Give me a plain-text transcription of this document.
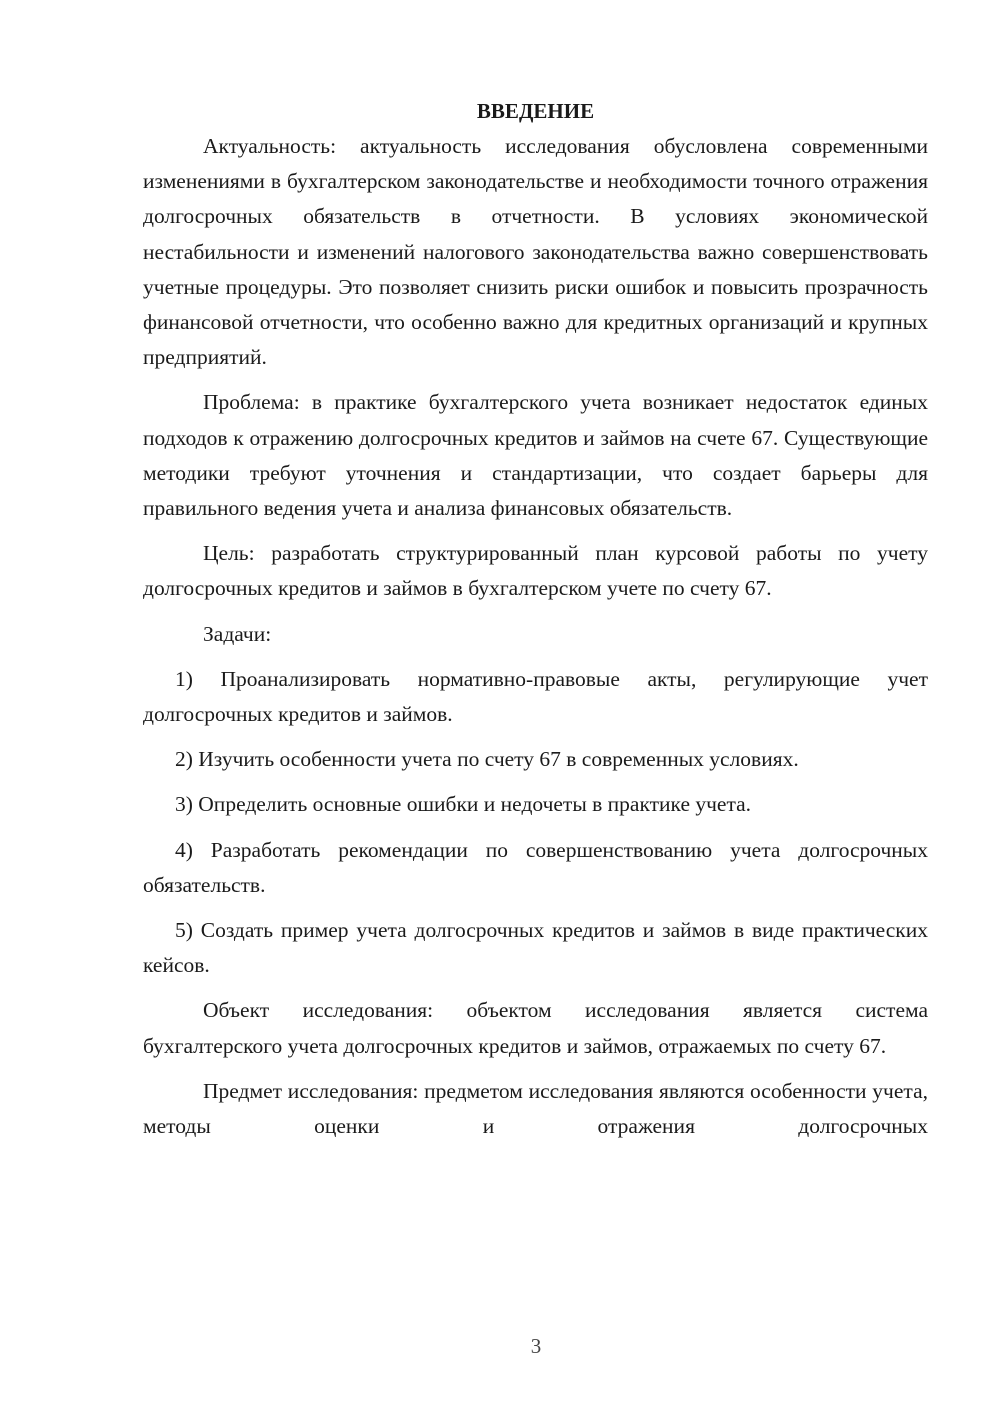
ВВЕДЕНИЕ

Актуальность: актуальность исследования обусловлена современными изменениями в бухгалтерском законодательстве и необходимости точного отражения долгосрочных обязательств в отчетности. В условиях экономической нестабильности и изменений налогового законодательства важно совершенствовать учетные процедуры. Это позволяет снизить риски ошибок и повысить прозрачность финансовой отчетности, что особенно важно для кредитных организаций и крупных предприятий.

Проблема: в практике бухгалтерского учета возникает недостаток единых подходов к отражению долгосрочных кредитов и займов на счете 67. Существующие методики требуют уточнения и стандартизации, что создает барьеры для правильного ведения учета и анализа финансовых обязательств.

Цель: разработать структурированный план курсовой работы по учету долгосрочных кредитов и займов в бухгалтерском учете по счету 67.

Задачи:

1) Проанализировать нормативно-правовые акты, регулирующие учет долгосрочных кредитов и займов.

2) Изучить особенности учета по счету 67 в современных условиях.

3) Определить основные ошибки и недочеты в практике учета.

4) Разработать рекомендации по совершенствованию учета долгосрочных обязательств.

5) Создать пример учета долгосрочных кредитов и займов в виде практических кейсов.

Объект исследования: объектом исследования является система бухгалтерского учета долгосрочных кредитов и займов, отражаемых по счету 67.

Предмет исследования: предметом исследования являются особенности учета, методы оценки и отражения долгосрочных

3
